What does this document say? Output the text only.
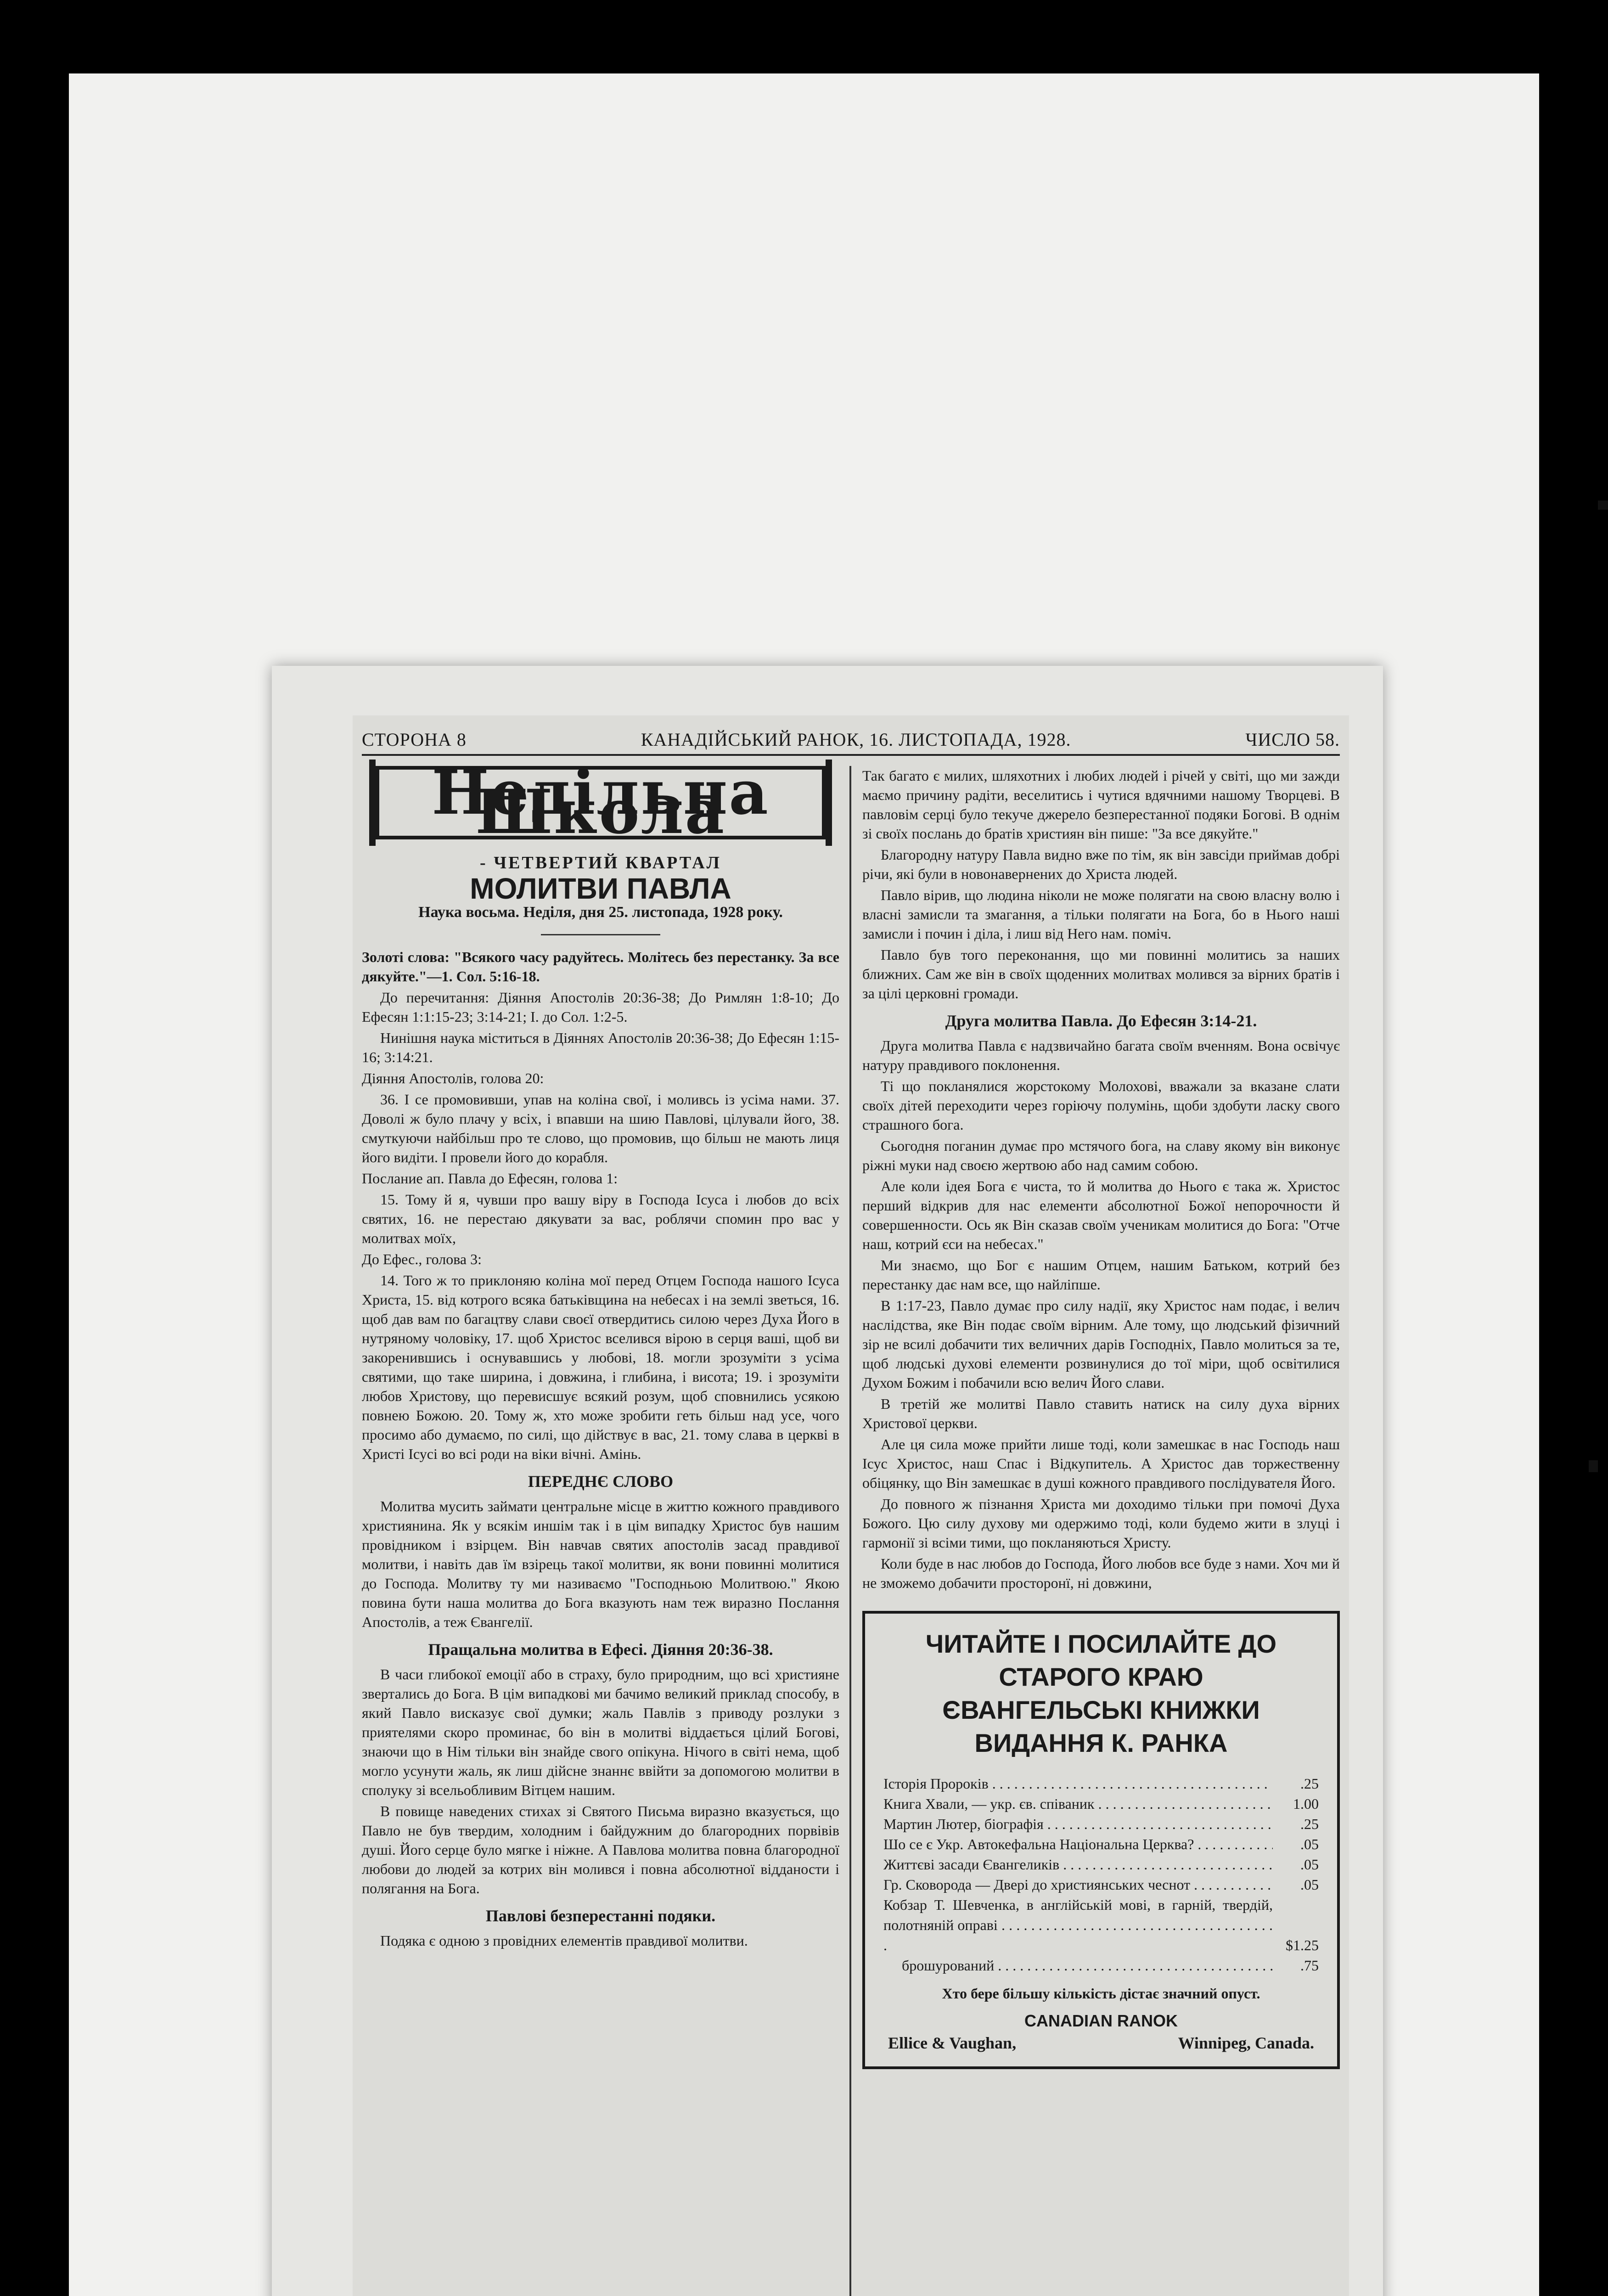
СТОРОНА 8	КАНАДІЙСЬКИЙ РАНОК, 16. ЛИСТОПАДА, 1928.	ЧИСЛО 58.
Недільна Школа
- ЧЕТВЕРТИЙ КВАРТАЛ
МОЛИТВИ ПАВЛА
Наука восьма. Неділя, дня 25. листопада, 1928 року.

Золоті слова: "Всякого часу радуйтесь. Молітесь без перестанку. За все дякуйте."—1. Сол. 5:16-18.

До перечитання: Діяння Апостолів 20:36-38; До Римлян 1:8-10; До Ефесян 1:1:15-23; 3:14-21; I. до Сол. 1:2-5.

Нинішня наука міститься в Діяннях Апостолів 20:36-38; До Ефесян 1:15-16; 3:14:21.

Діяння Апостолів, голова 20:

36. І се промовивши, упав на коліна свої, і моливсь із усіма нами. 37. Доволі ж було плачу у всіх, і впавши на шию Павлові, цілували його, 38. смуткуючи найбільш про те слово, що промовив, що більш не мають лиця його видіти. І провели його до корабля.

Послание ап. Павла до Ефесян, голова 1:

15. Тому й я, чувши про вашу віру в Господа Ісуса і любов до всіх святих, 16. не перестаю дякувати за вас, роблячи спомин про вас у молитвах моїх,

До Ефес., голова 3:

14. Того ж то приклоняю коліна мої перед Отцем Господа нашого Ісуса Христа, 15. від котрого всяка батьківщина на небесах і на землі зветься, 16. щоб дав вам по багацтву слави своєї отвердитись силою через Духа Його в нутряному чоловіку, 17. щоб Христос вселився вірою в серця ваші, щоб ви закоренившись і оснувавшись у любові, 18. могли зрозуміти з усіма святими, що таке ширина, і довжина, і глибина, і висота; 19. і зрозуміти любов Христову, що перевисшує всякий розум, щоб сповнились усякою повнею Божою. 20. Тому ж, хто може зробити геть більш над усе, чого просимо або думаємо, по силі, що дійствує в вас, 21. тому слава в церкві в Христі Ісусі во всі роди на віки вічні. Амінь.

ПЕРЕДНЄ СЛОВО

Молитва мусить займати центральне місце в життю кожного правдивого християнина. Як у всякім иншім так і в цім випадку Христос був нашим провідником і взірцем. Він навчав святих апостолів засад правдивої молитви, і навіть дав їм взірець такої молитви, як вони повинні молитися до Господа. Молитву ту ми називаємо "Господньою Молитвою." Якою повина бути наша молитва до Бога вказують нам теж виразно Послання Апостолів, а теж Євангелії.

Пращальна молитва в Ефесі. Діяння 20:36-38.

В часи глибокої емоції або в страху, було природним, що всі християне звертались до Бога. В цім випадкові ми бачимо великий приклад способу, в який Павло висказує свої думки; жаль Павлів з приводу розлуки з приятелями скоро проминає, бо він в молитві віддається цілий Богові, знаючи що в Нім тільки він знайде свого опікуна. Нічого в світі нема, щоб могло усунути жаль, як лиш дійсне знаннє ввійти за допомогою молитви в сполуку зі всельобливим Вітцем нашим.

В повище наведених стихах зі Святого Письма виразно вказується, що Павло не був твердим, холодним і байдужним до благородних порвівів душі. Його серце було мягке і ніжне. А Павлова молитва повна благородної любови до людей за котрих він молився і повна абсолютної відданости і полягання на Бога.

Павлові безперестанні подяки.

Подяка є одною з провідних елементів правдивої молитви.

Так багато є милих, шляхотних і любих людей і річей у світі, що ми зажди маємо причину радіти, веселитись і чутися вдячними нашому Творцеві. В павловім серці було текуче джерело безперестанної подяки Богові. В однім зі своїх послань до братів християн він пише: "За все дякуйте."

Благородну натуру Павла видно вже по тім, як він завсіди приймав добрі річи, які були в новонавернених до Христа людей.

Павло вірив, що людина ніколи не може полягати на свою власну волю і власні замисли та змагання, а тільки полягати на Бога, бо в Нього наші замисли і почин і діла, і лиш від Него нам. поміч.

Павло був того переконання, що ми повинні молитись за наших ближних. Сам же він в своїх щоденних молитвах молився за вірних братів і за цілі церковні громади.

Друга молитва Павла. До Ефесян 3:14-21.

Друга молитва Павла є надзвичайно багата своїм вченням. Вона освічує натуру правдивого поклонення.

Ті що покланялися жорстокому Молохові, вважали за вказане слати своїх дітей переходити через горіючу полумінь, щоби здобути ласку свого страшного бога.

Сьогодня поганин думає про мстячого бога, на славу якому він виконує ріжні муки над своєю жертвою або над самим собою.

Але коли ідея Бога є чиста, то й молитва до Нього є така ж. Христос перший відкрив для нас елементи абсолютної Божої непорочности й совершенности. Ось як Він сказав своїм ученикам молитися до Бога: "Отче наш, котрий єси на небесах."

Ми знаємо, що Бог є нашим Отцем, нашим Батьком, котрий без перестанку дає нам все, що найліпше.

В 1:17-23, Павло думає про силу надії, яку Христос нам подає, і велич наслідства, яке Він подає своїм вірним. Але тому, що людський фізичний зір не всилі добачити тих величних дарів Господніх, Павло молиться за те, щоб людські духові елементи розвинулися до тої міри, щоб освітилися Духом Божим і побачили всю велич Його слави.

В третій же молитві Павло ставить натиск на силу духа вірних Христової церкви.

Але ця сила може прийти лише тоді, коли замешкає в нас Господь наш Ісус Христос, наш Спас і Відкупитель. А Христос дав торжественну обіцянку, що Він замешкає в душі кожного правдивого послідувателя Його.

До повного ж пізнання Христа ми доходимо тільки при помочі Духа Божого. Цю силу духову ми одержимо тоді, коли будемо жити в злуці і гармонії зі всіми тими, що покланяються Христу.

Коли буде в нас любов до Господа, Його любов все буде з нами. Хоч ми й не зможемо добачити просторонї, ні довжини,

ЧИТАЙТЕ І ПОСИЛАЙТЕ ДО СТАРОГО КРАЮ
ЄВАНГЕЛЬСЬКІ КНИЖКИ ВИДАННЯ К. РАНКА
Історія Пророків . . .	.25
Книга Хвали, — укр. єв. співаник . . .	1.00
Мартин Лютер, біографія . . .	.25
Шо се є Укр. Автокефальна Національна Церква? . . .	.05
Життєві засади Євангеликів . . .	.05
Гр. Сковорода — Двері до християнських чеснот . . .	.05
Кобзар Т. Шевченка, в англійській мові, в гарній, твердій, полотняній оправі . . .
$1.25
брошурований . . .	.75
Хто бере більшу кількість дістає значний опуст.
CANADIAN RANOK
Ellice & Vaughan,	Winnipeg, Canada.
